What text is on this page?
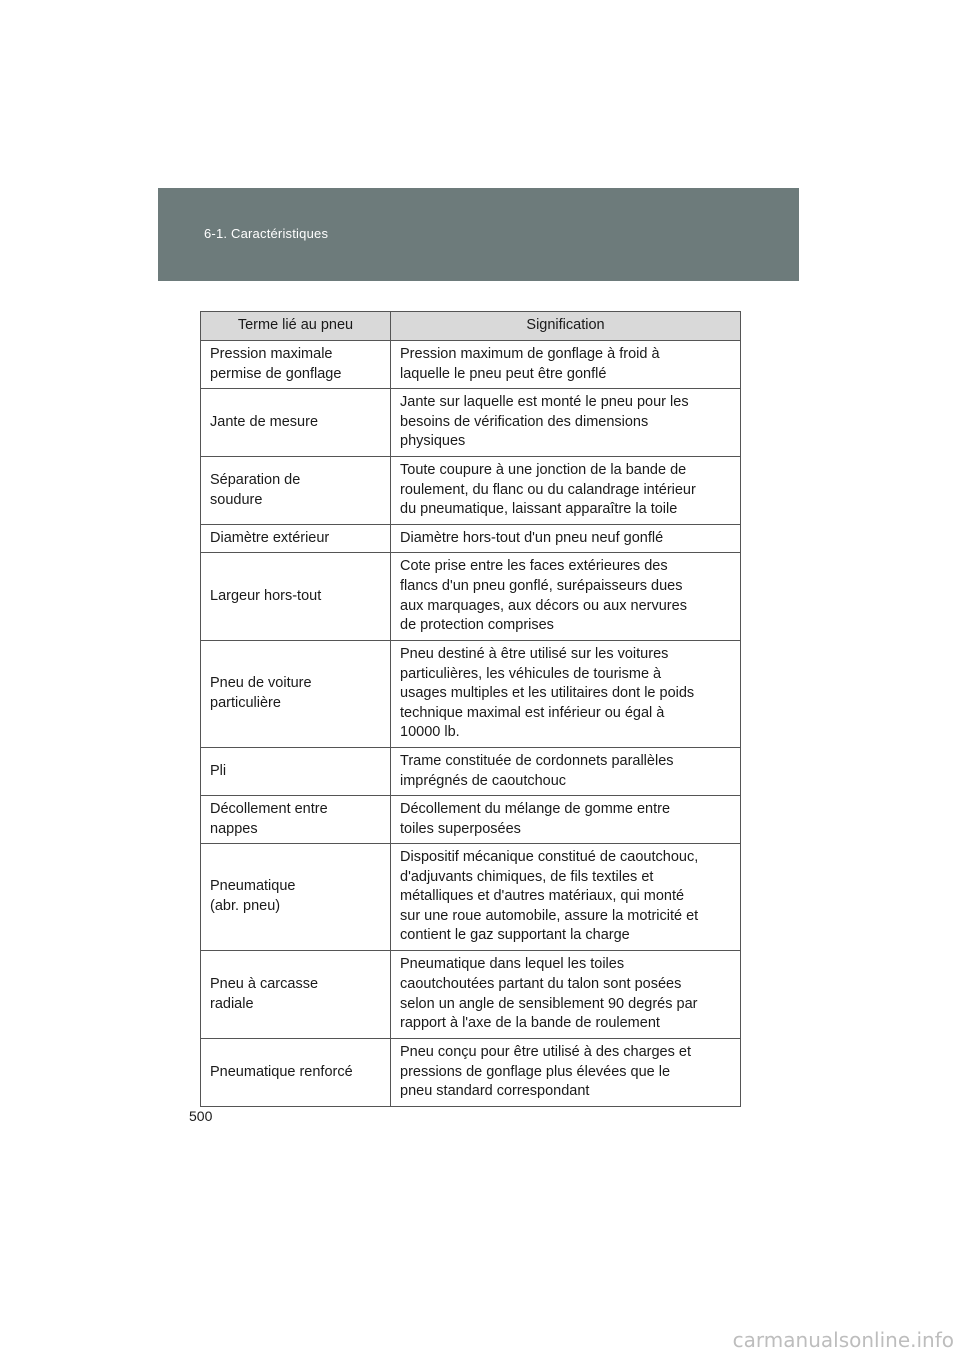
6-1. Caractéristiques
Terme lié au pneu	Signification

Pression maximale
permise de gonflage	Pression maximum de gonflage à froid à
laquelle le pneu peut être gonflé

Jante de mesure	Jante sur laquelle est monté le pneu pour les
besoins de vérification des dimensions
physiques

Séparation de
soudure	Toute coupure à une jonction de la bande de
roulement, du flanc ou du calandrage intérieur
du pneumatique, laissant apparaître la toile

Diamètre extérieur	Diamètre hors-tout d'un pneu neuf gonflé

Largeur hors-tout	Cote prise entre les faces extérieures des
flancs d'un pneu gonflé, surépaisseurs dues
aux marquages, aux décors ou aux nervures
de protection comprises

Pneu de voiture
particulière	Pneu destiné à être utilisé sur les voitures
particulières, les véhicules de tourisme à
usages multiples et les utilitaires dont le poids
technique maximal est inférieur ou égal à
10000 lb.

Pli	Trame constituée de cordonnets parallèles
imprégnés de caoutchouc

Décollement entre
nappes	Décollement du mélange de gomme entre
toiles superposées

Pneumatique
(abr. pneu)	Dispositif mécanique constitué de caoutchouc,
d'adjuvants chimiques, de fils textiles et
métalliques et d'autres matériaux, qui monté
sur une roue automobile, assure la motricité et
contient le gaz supportant la charge

Pneu à carcasse
radiale	Pneumatique dans lequel les toiles
caoutchoutées partant du talon sont posées
selon un angle de sensiblement 90 degrés par
rapport à l'axe de la bande de roulement

Pneumatique renforcé	Pneu conçu pour être utilisé à des charges et
pressions de gonflage plus élevées que le
pneu standard correspondant
500
carmanualsonline.info
